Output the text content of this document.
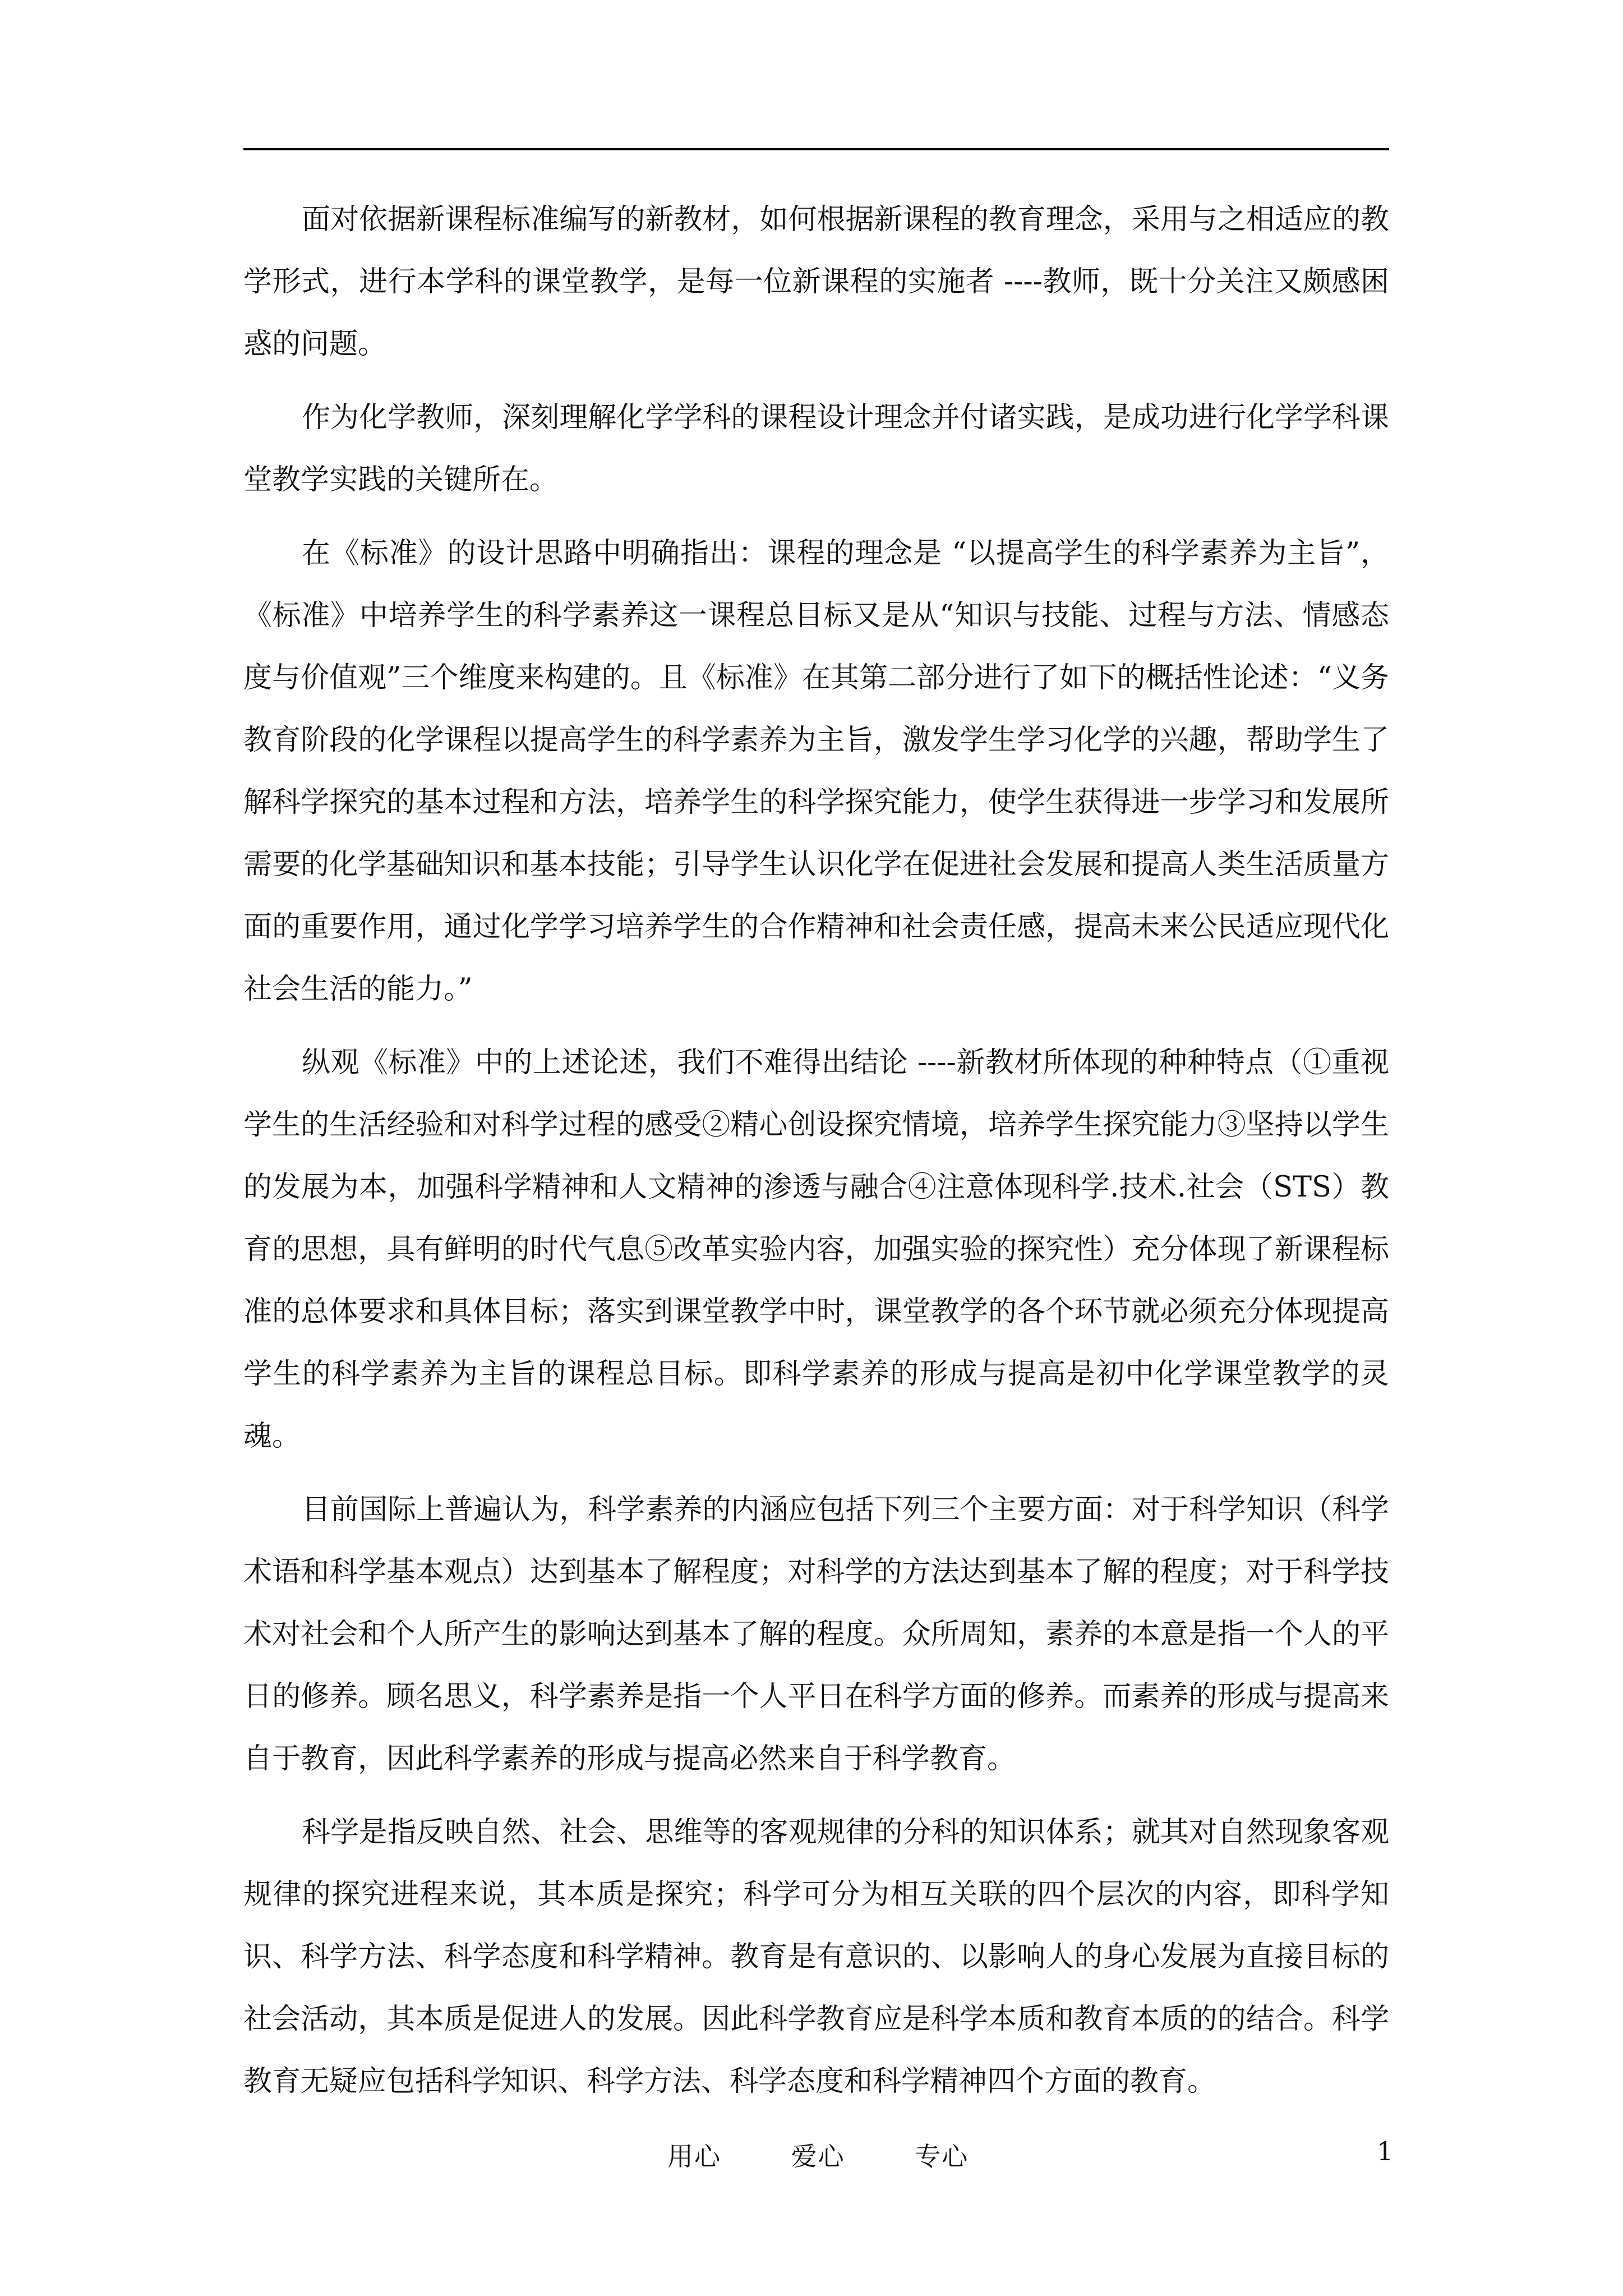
面对依据新课程标准编写的新教材，如何根据新课程的教育理念，采用与之相适应的教学形式，进行本学科的课堂教学，是每一位新课程的实施者 ----教师，既十分关注又颇感困惑的问题。

作为化学教师，深刻理解化学学科的课程设计理念并付诸实践，是成功进行化学学科课堂教学实践的关键所在。

在《标准》的设计思路中明确指出：课程的理念是 “以提高学生的科学素养为主旨”，《标准》中培养学生的科学素养这一课程总目标又是从“知识与技能、过程与方法、情感态度与价值观”三个维度来构建的。且《标准》在其第二部分进行了如下的概括性论述：“义务教育阶段的化学课程以提高学生的科学素养为主旨，激发学生学习化学的兴趣，帮助学生了解科学探究的基本过程和方法，培养学生的科学探究能力，使学生获得进一步学习和发展所需要的化学基础知识和基本技能；引导学生认识化学在促进社会发展和提高人类生活质量方面的重要作用，通过化学学习培养学生的合作精神和社会责任感，提高未来公民适应现代化社会生活的能力。”

纵观《标准》中的上述论述，我们不难得出结论 ----新教材所体现的种种特点（①重视学生的生活经验和对科学过程的感受②精心创设探究情境，培养学生探究能力③坚持以学生的发展为本，加强科学精神和人文精神的渗透与融合④注意体现科学.技术.社会（STS）教育的思想，具有鲜明的时代气息⑤改革实验内容，加强实验的探究性）充分体现了新课程标准的总体要求和具体目标；落实到课堂教学中时，课堂教学的各个环节就必须充分体现提高学生的科学素养为主旨的课程总目标。即科学素养的形成与提高是初中化学课堂教学的灵魂。

目前国际上普遍认为，科学素养的内涵应包括下列三个主要方面：对于科学知识（科学术语和科学基本观点）达到基本了解程度；对科学的方法达到基本了解的程度；对于科学技术对社会和个人所产生的影响达到基本了解的程度。众所周知，素养的本意是指一个人的平日的修养。顾名思义，科学素养是指一个人平日在科学方面的修养。而素养的形成与提高来自于教育，因此科学素养的形成与提高必然来自于科学教育。

科学是指反映自然、社会、思维等的客观规律的分科的知识体系；就其对自然现象客观规律的探究进程来说，其本质是探究；科学可分为相互关联的四个层次的内容，即科学知识、科学方法、科学态度和科学精神。教育是有意识的、以影响人的身心发展为直接目标的社会活动，其本质是促进人的发展。因此科学教育应是科学本质和教育本质的的结合。科学教育无疑应包括科学知识、科学方法、科学态度和科学精神四个方面的教育。

用心	爱心	专心	1
